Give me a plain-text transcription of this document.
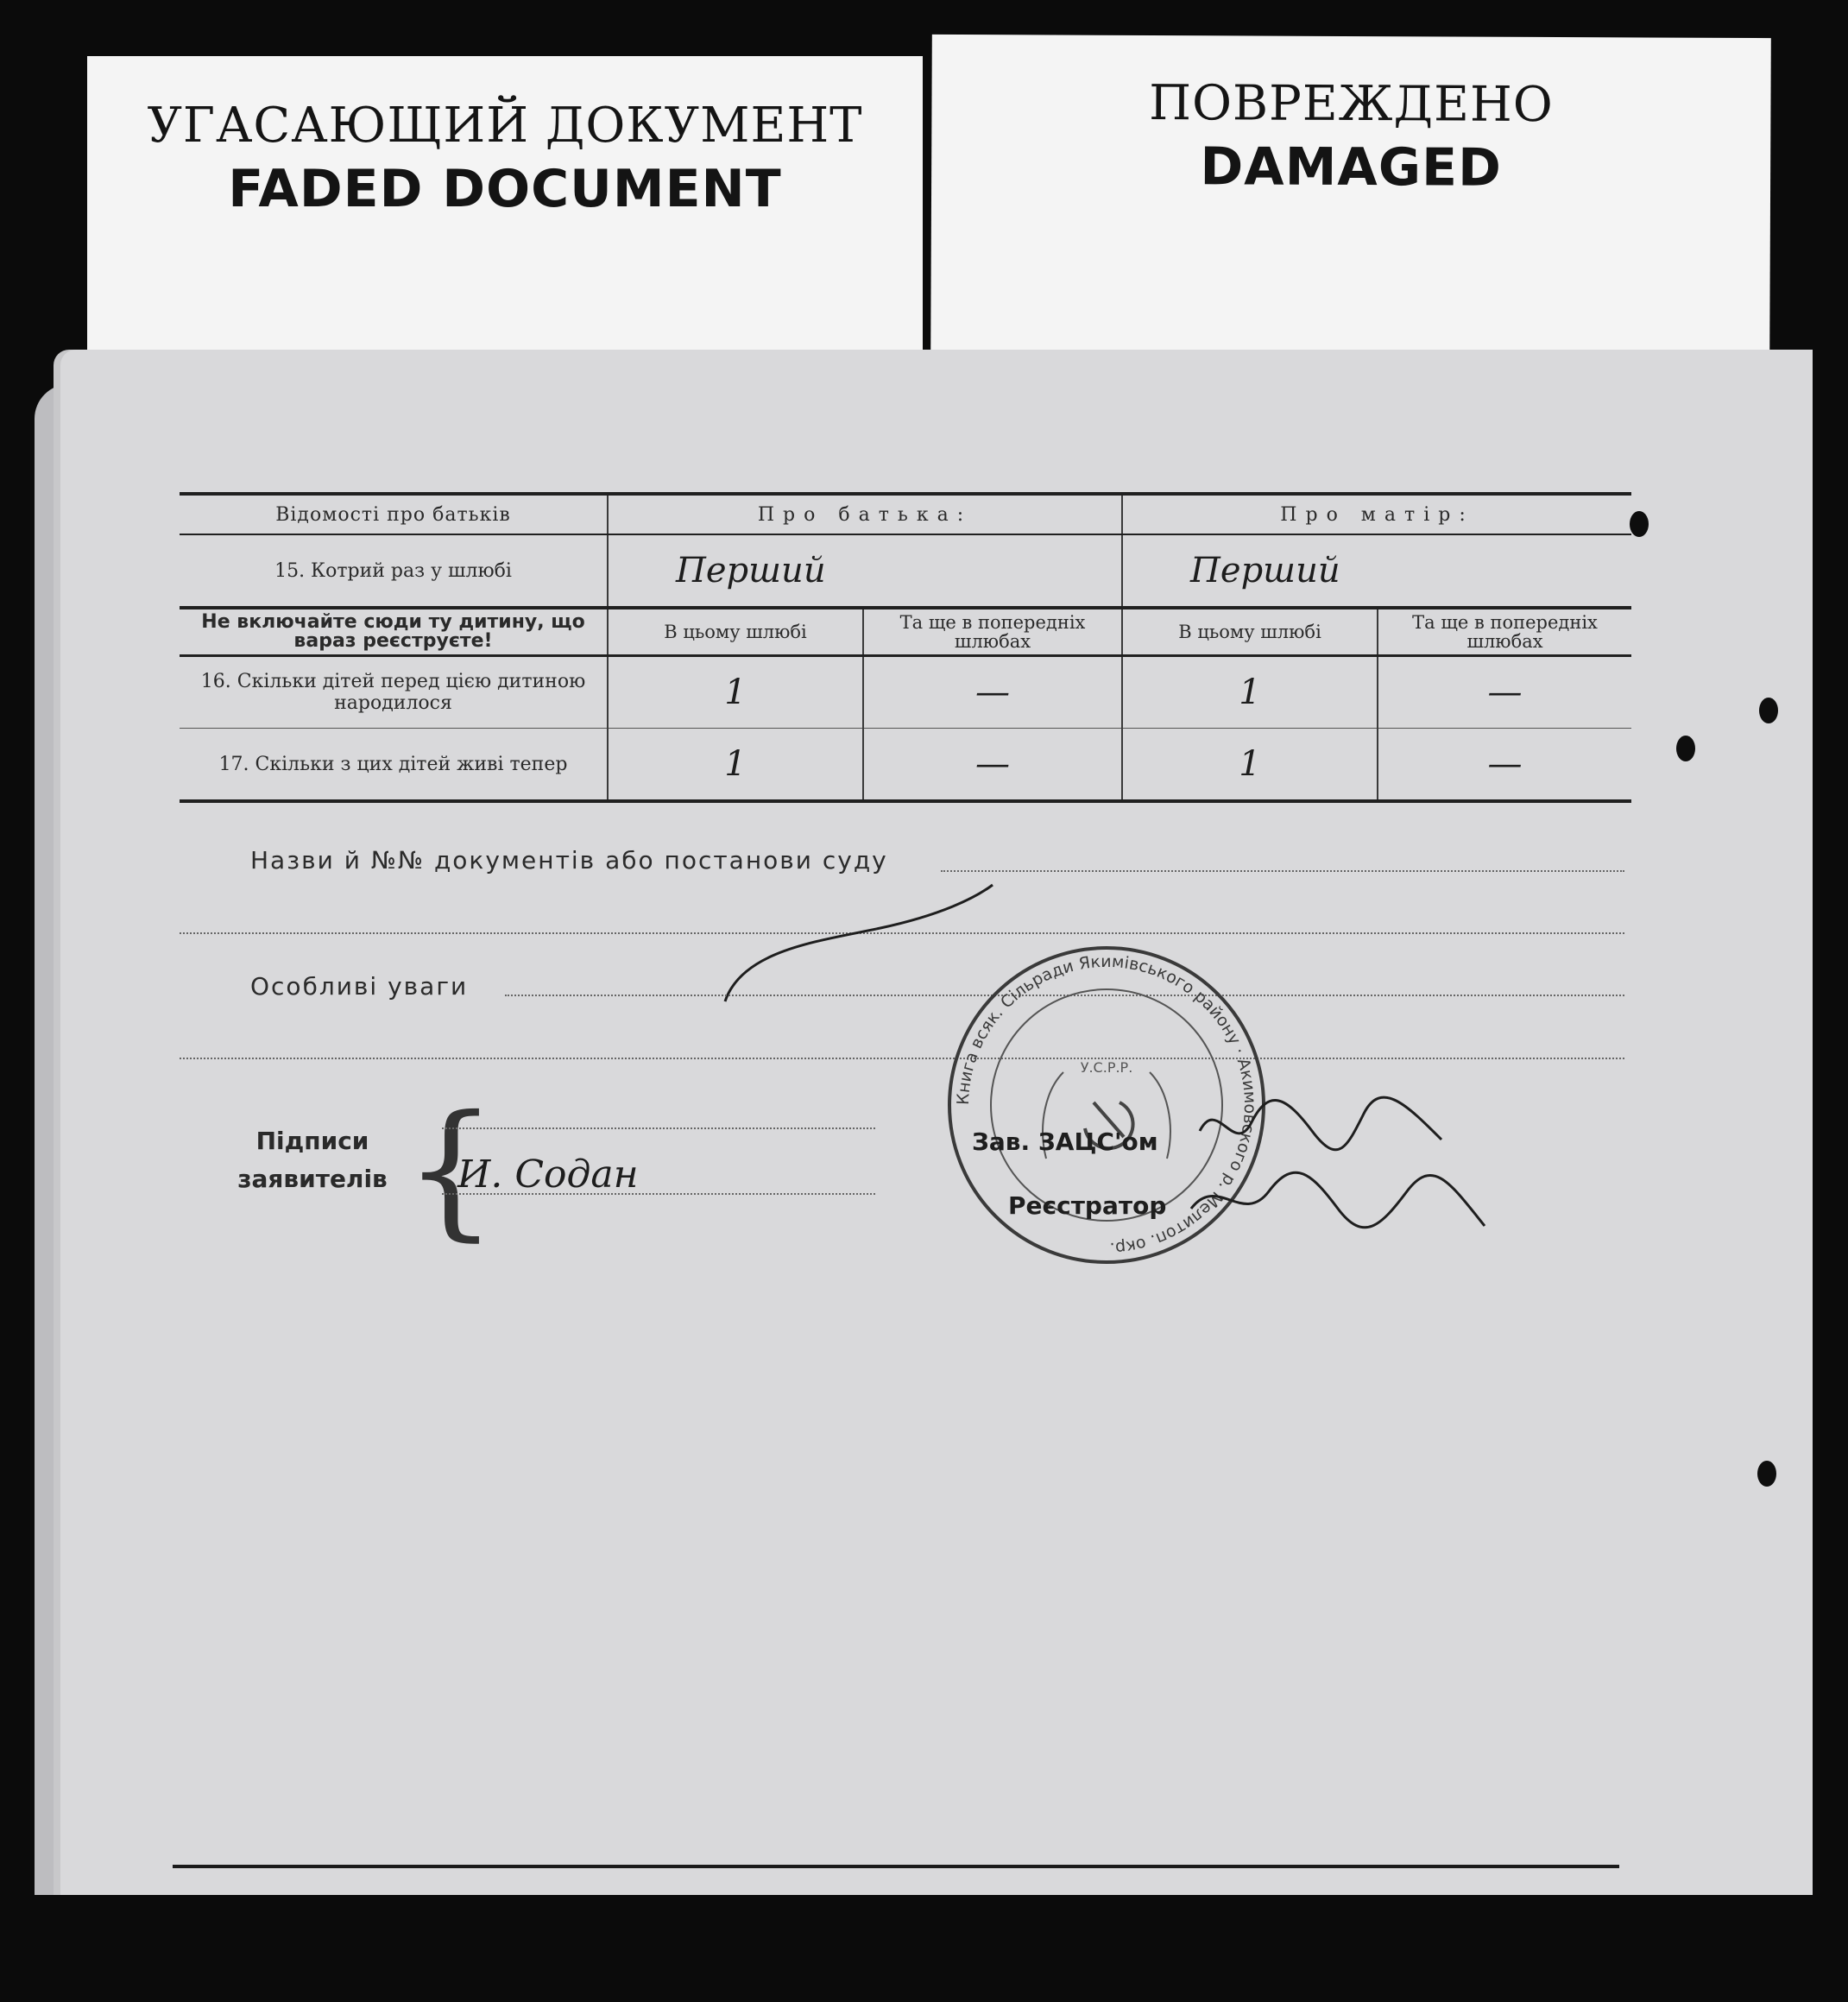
УГАСАЮЩИЙ ДОКУМЕНТ
FADED DOCUMENT
ПОВРЕЖДЕНО
DAMAGED
Відомості про батьків	Про батька:		Про матір:	
15. Котрий раз у шлюбі	Перший		Перший	
Не включайте сюди ту дитину, що вараз реєструєте!	В цьому шлюбі	Та ще в попередніх шлюбах	В цьому шлюбі	Та ще в попередніх шлюбах
16. Скільки дітей перед цією дитиною народилося	1	—	1	—
17. Скільки з цих дітей живі тепер	1	—	1	—
Назви й №№ документів або постанови суду
Особливі уваги
Підписи заявителів {
И. Содан
Книга всяк. Сільради Якимівського району · Акимовского р. Мелитоп. окр.
У.С.Р.Р.
Зав. ЗАЦС'ом
Реєстратор
